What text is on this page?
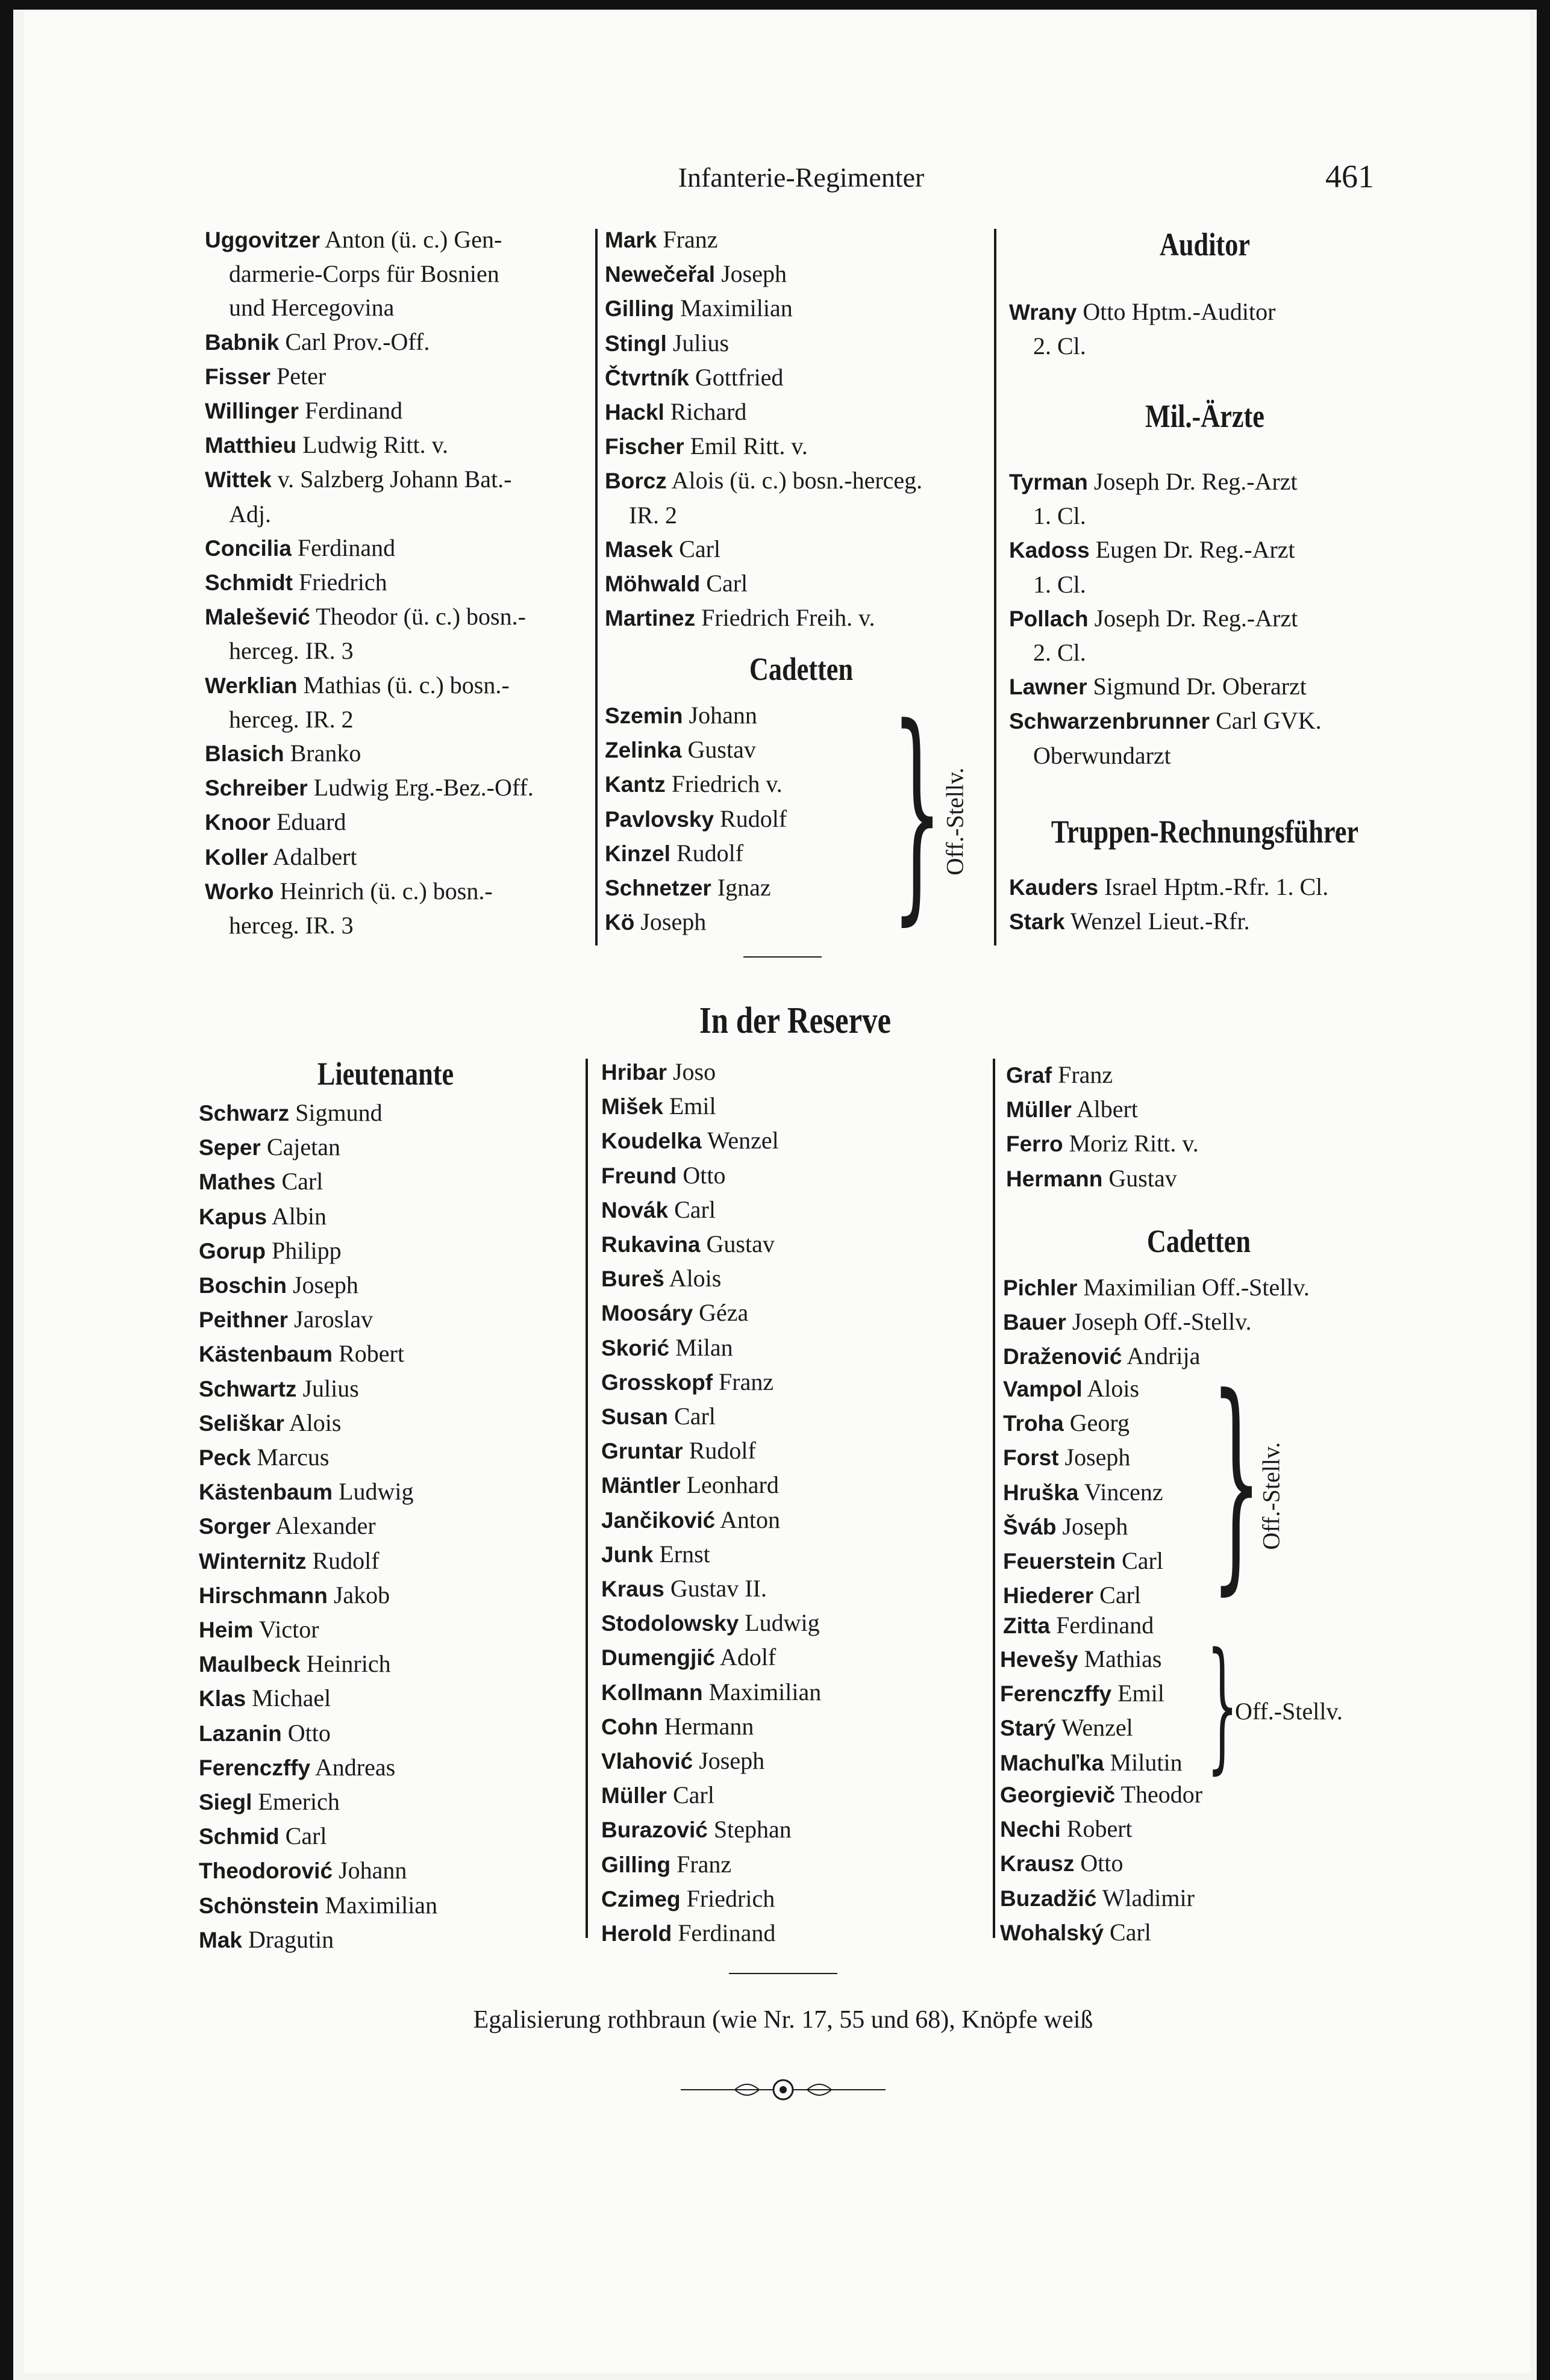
Infanterie-Regimenter	461
Uggovitzer Anton (ü. c.) Gen-
darmerie-Corps für Bosnien
und Hercegovina
Babnik Carl Prov.-Off.
Fisser Peter
Willinger Ferdinand
Matthieu Ludwig Ritt. v.
Wittek v. Salzberg Johann Bat.-
Adj.
Concilia Ferdinand
Schmidt Friedrich
Malešević Theodor (ü. c.) bosn.-
herceg. IR. 3
Werklian Mathias (ü. c.) bosn.-
herceg. IR. 2
Blasich Branko
Schreiber Ludwig Erg.-Bez.-Off.
Knoor Eduard
Koller Adalbert
Worko Heinrich (ü. c.) bosn.-
herceg. IR. 3
Mark Franz
Newečeřal Joseph
Gilling Maximilian
Stingl Julius
Čtvrtník Gottfried
Hackl Richard
Fischer Emil Ritt. v.
Borcz Alois (ü. c.) bosn.-herceg.
IR. 2
Masek Carl
Möhwald Carl
Martinez Friedrich Freih. v.
Cadetten
Szemin Johann
Zelinka Gustav
Kantz Friedrich v.
Pavlovsky Rudolf
Kinzel Rudolf
Schnetzer Ignaz
Kö Joseph }
Off.-Stellv.
Auditor
Wrany Otto Hptm.-Auditor
2. Cl.
Mil.-Ärzte
Tyrman Joseph Dr. Reg.-Arzt
1. Cl.
Kadoss Eugen Dr. Reg.-Arzt
1. Cl.
Pollach Joseph Dr. Reg.-Arzt
2. Cl.
Lawner Sigmund Dr. Oberarzt
Schwarzenbrunner Carl GVK.
Oberwundarzt
Truppen-Rechnungsführer
Kauders Israel Hptm.-Rfr. 1. Cl.
Stark Wenzel Lieut.-Rfr.
In der Reserve
Lieutenante
Schwarz Sigmund
Seper Cajetan
Mathes Carl
Kapus Albin
Gorup Philipp
Boschin Joseph
Peithner Jaroslav
Kästenbaum Robert
Schwartz Julius
Seliškar Alois
Peck Marcus
Kästenbaum Ludwig
Sorger Alexander
Winternitz Rudolf
Hirschmann Jakob
Heim Victor
Maulbeck Heinrich
Klas Michael
Lazanin Otto
Ferenczffy Andreas
Siegl Emerich
Schmid Carl
Theodorović Johann
Schönstein Maximilian
Mak Dragutin
Hribar Joso
Mišek Emil
Koudelka Wenzel
Freund Otto
Novák Carl
Rukavina Gustav
Bureš Alois
Moosáry Géza
Skorić Milan
Grosskopf Franz
Susan Carl
Gruntar Rudolf
Mäntler Leonhard
Jančiković Anton
Junk Ernst
Kraus Gustav II.
Stodolowsky Ludwig
Dumengjić Adolf
Kollmann Maximilian
Cohn Hermann
Vlahović Joseph
Müller Carl
Burazović Stephan
Gilling Franz
Czimeg Friedrich
Herold Ferdinand
Graf Franz
Müller Albert
Ferro Moriz Ritt. v.
Hermann Gustav
Cadetten
Pichler Maximilian Off.-Stellv.
Bauer Joseph Off.-Stellv.
Draženović Andrija
Vampol Alois
Troha Georg
Forst Joseph
Hruška Vincenz
Šváb Joseph
Feuerstein Carl
Hiederer Carl }
Off.-Stellv.
Zitta Ferdinand
Hevešy Mathias
Ferenczffy Emil
Starý Wenzel
Machuľka Milutin }
Off.-Stellv.
Georgievič Theodor
Nechi Robert
Krausz Otto
Buzadžić Wladimir
Wohalský Carl
Egalisierung rothbraun (wie Nr. 17, 55 und 68), Knöpfe weiß
